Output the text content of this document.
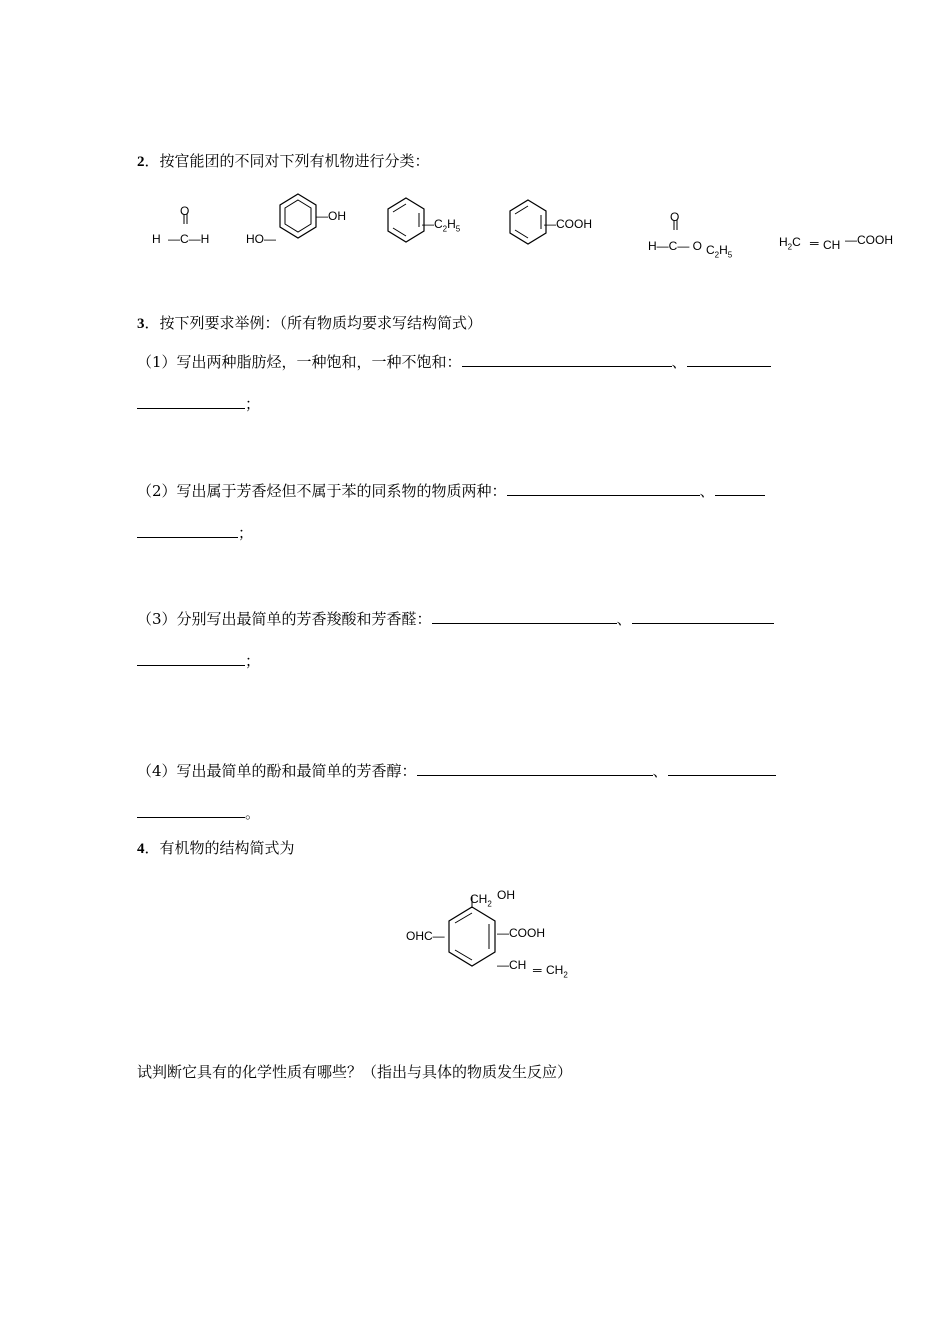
2．按官能团的不同对下列有机物进行分类：
O
H —C—H	HO—
—OH
$—C_2H_5$	—COOH	O
H—C— O $C_2H_5$
$H_2C$ ═ CH —COOH
3．按下列要求举例：（所有物质均要求写结构简式）
（1）写出两种脂肪烃，一种饱和，一种不饱和：	、
；
（2）写出属于芳香烃但不属于苯的同系物的物质两种：	、
；
（3）分别写出最简单的芳香羧酸和芳香醛：	、
；
（4）写出最简单的酚和最简单的芳香醇：	、
。
4．有机物的结构简式为
$CH_2$
OH
OHC—	—COOH
—CH ═ $CH_2$
试判断它具有的化学性质有哪些？（指出与具体的物质发生反应）
